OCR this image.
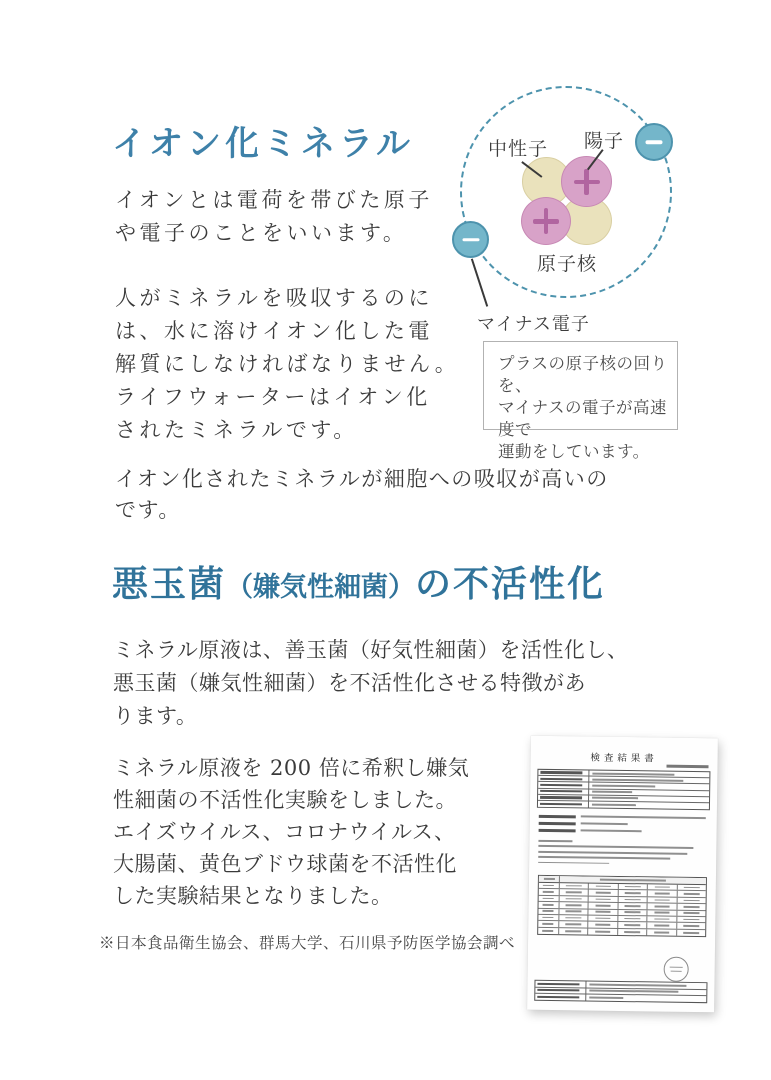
イオン化ミネラル
イオンとは電荷を帯びた原子
や電子のことをいいます。
人がミネラルを吸収するのに
は、水に溶けイオン化した電
解質にしなければなりません。
ライフウォーターはイオン化
されたミネラルです。
イオン化されたミネラルが細胞への吸収が高いの
です。
中性子 陽子
原子核
マイナス電子
プラスの原子核の回りを、
マイナスの電子が高速度で
運動をしています。
悪玉菌（嫌気性細菌）の不活性化
ミネラル原液は、善玉菌（好気性細菌）を活性化し、
悪玉菌（嫌気性細菌）を不活性化させる特徴があ
ります。
ミネラル原液を 200 倍に希釈し嫌気
性細菌の不活性化実験をしました。
エイズウイルス、コロナウイルス、
大腸菌、黄色ブドウ球菌を不活性化
した実験結果となりました。
※日本食品衛生協会、群馬大学、石川県予防医学協会調べ
検査結果書
